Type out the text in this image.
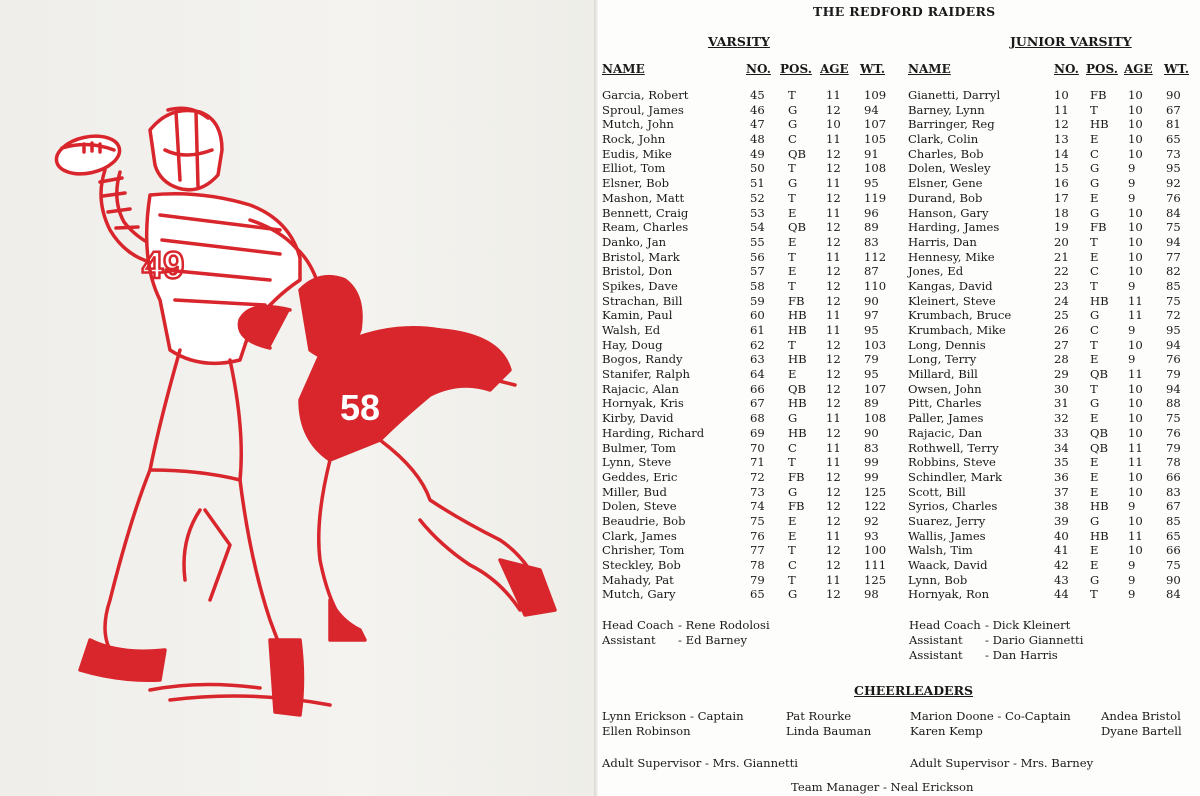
49
58
THE REDFORD RAIDERS
VARSITY	JUNIOR VARSITY
NAME	NO. POS. AGE WT. NAME	NO. POS. AGE WT.
Garcia, Robert	45 T	11 109
Sproul, James	46 G 12 94
Mutch, John	47 G 10 107
Rock, John	48 C	11 105
Eudis, Mike	49 QB 12 91
Elliot, Tom	50 T	12 108
Elsner, Bob	51 G 11 95
Mashon, Matt	52 T	12 119
Bennett, Craig	53 E	11 96
Ream, Charles	54 QB 12 89
Danko, Jan	55 E	12 83
Bristol, Mark	56 T	11 112
Bristol, Don	57 E	12 87
Spikes, Dave	58 T	12 110
Strachan, Bill	59 FB 12 90
Kamin, Paul	60 HB 11 97
Walsh, Ed	61 HB 11 95
Hay, Doug	62 T	12 103
Bogos, Randy	63 HB 12 79
Stanifer, Ralph	64 E	12 95
Rajacic, Alan	66 QB 12 107
Hornyak, Kris	67 HB 12 89
Kirby, David	68 G 11 108
Harding, Richard	69 HB 12 90
Bulmer, Tom	70 C	11 83
Lynn, Steve	71 T	11 99
Geddes, Eric	72 FB 12 99
Miller, Bud	73 G 12 125
Dolen, Steve	74 FB 12 122
Beaudrie, Bob	75 E	12 92
Clark, James	76 E	11 93
Chrisher, Tom	77 T	12 100
Steckley, Bob	78 C	12 111
Mahady, Pat	79 T	11 125
Mutch, Gary	65 G 12 98
Gianetti, Darryl	10 FB 10 90
Barney, Lynn	11 T	10 67
Barringer, Reg	12 HB 10 81
Clark, Colin	13 E	10 65
Charles, Bob	14 C	10 73
Dolen, Wesley	15 G 9	95
Elsner, Gene	16 G 9	92
Durand, Bob	17 E	9	76
Hanson, Gary	18 G 10 84
Harding, James	19 FB 10 75
Harris, Dan	20 T	10 94
Hennesy, Mike	21 E	10 77
Jones, Ed	22 C	10 82
Kangas, David	23 T	9	85
Kleinert, Steve	24 HB 11 75
Krumbach, Bruce	25 G 11 72
Krumbach, Mike	26 C	9	95
Long, Dennis	27 T	10 94
Long, Terry	28 E	9	76
Millard, Bill	29 QB 11 79
Owsen, John	30 T	10 94
Pitt, Charles	31 G 10 88
Paller, James	32 E	10 75
Rajacic, Dan	33 QB 10 76
Rothwell, Terry	34 QB 11 79
Robbins, Steve	35 E	11 78
Schindler, Mark	36 E	10 66
Scott, Bill	37 E	10 83
Syrios, Charles	38 HB 9	67
Suarez, Jerry	39 G 10 85
Wallis, James	40 HB 11 65
Walsh, Tim	41 E	10 66
Waack, David	42 E	9	75
Lynn, Bob	43 G 9	90
Hornyak, Ron	44 T	9	84
Head Coach - Rene Rodolosi
Assistant - Ed Barney
Head Coach - Dick Kleinert
Assistant - Dario Giannetti
Assistant - Dan Harris
CHEERLEADERS
Lynn Erickson - Captain
Ellen Robinson
Pat Rourke
Linda Bauman
Marion Doone - Co-Captain
Karen Kemp
Andea Bristol
Dyane Bartell
Adult Supervisor - Mrs. Giannetti	Adult Supervisor - Mrs. Barney
Team Manager - Neal Erickson
